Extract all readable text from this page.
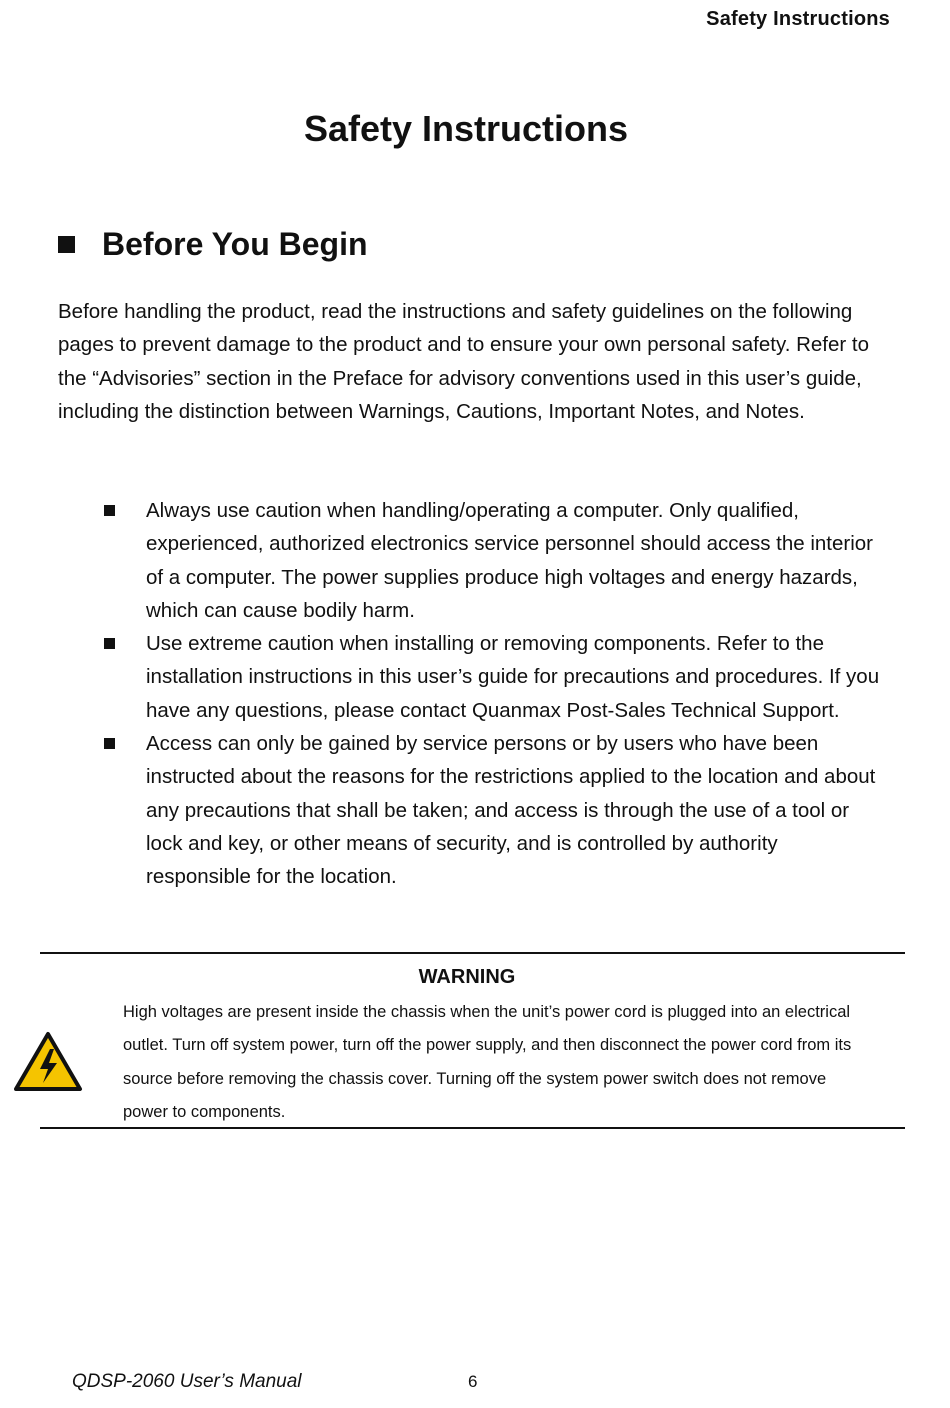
Safety Instructions
Safety Instructions
Before You Begin

Before handling the product, read the instructions and safety guidelines on the following pages to prevent damage to the product and to ensure your own personal safety. Refer to the “Advisories” section in the Preface for advisory conventions used in this user’s guide, including the distinction between Warnings, Cautions, Important Notes, and Notes.

Always use caution when handling/operating a computer. Only qualified, experienced, authorized electronics service personnel should access the interior of a computer. The power supplies produce high voltages and energy hazards, which can cause bodily harm.
Use extreme caution when installing or removing components. Refer to the installation instructions in this user’s guide for precautions and procedures. If you have any questions, please contact Quanmax Post-Sales Technical Support.
Access can only be gained by service persons or by users who have been instructed about the reasons for the restrictions applied to the location and about any precautions that shall be taken; and access is through the use of a tool or lock and key, or other means of security, and is controlled by authority responsible for the location.
WARNING

High voltages are present inside the chassis when the unit’s power cord is plugged into an electrical outlet. Turn off system power, turn off the power supply, and then disconnect the power cord from its source before removing the chassis cover. Turning off the system power switch does not remove power to components.

QDSP-2060 User’s Manual	6
